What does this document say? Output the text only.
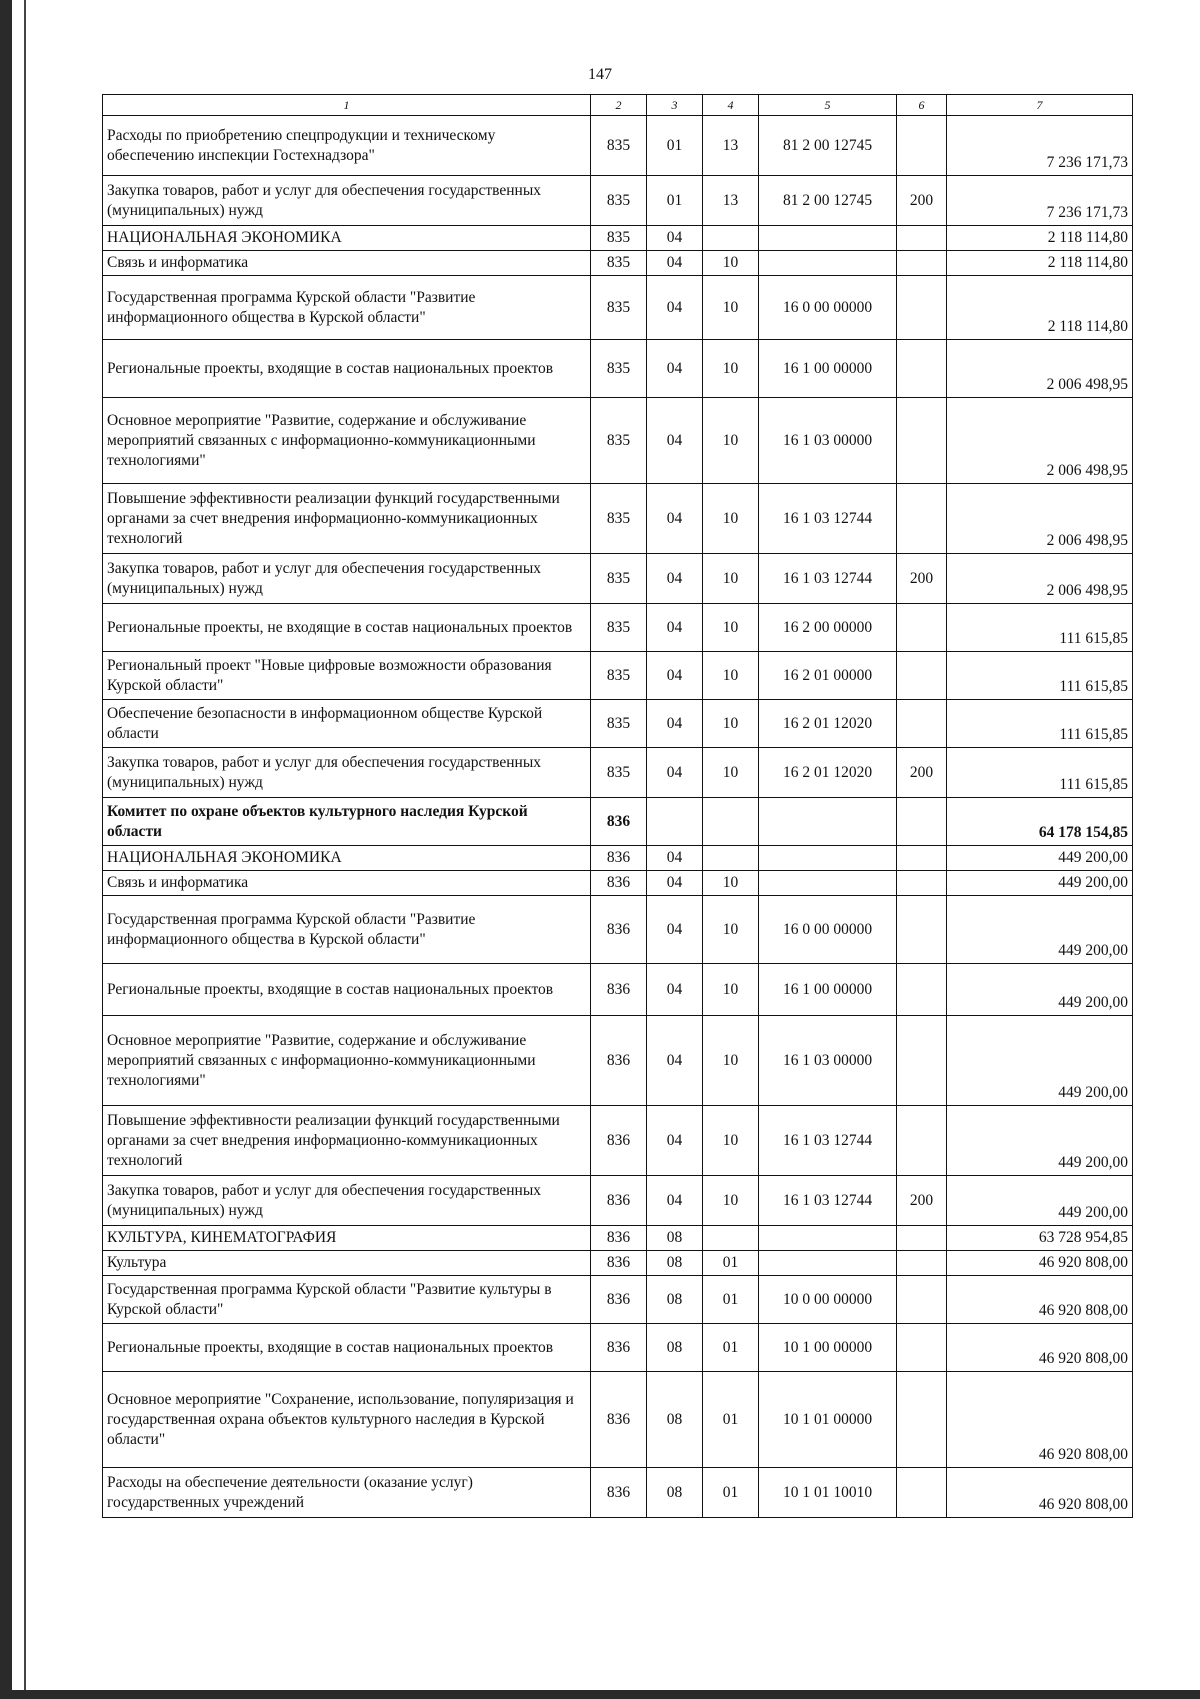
147
1	2	3	4	5	6	7
Расходы по приобретению спецпродукции и техническому обеспечению инспекции Гостехнадзора"	835	01	13	81 2 00 12745		7 236 171,73
Закупка товаров, работ и услуг для обеспечения государственных (муниципальных) нужд	835	01	13	81 2 00 12745	200	7 236 171,73
НАЦИОНАЛЬНАЯ ЭКОНОМИКА	835	04				2 118 114,80
Связь и информатика	835	04	10			2 118 114,80
Государственная программа Курской области "Развитие информационного общества в Курской области"	835	04	10	16 0 00 00000		2 118 114,80
Региональные проекты, входящие в состав национальных проектов	835	04	10	16 1 00 00000		2 006 498,95
Основное мероприятие "Развитие, содержание и обслуживание мероприятий связанных с информационно-коммуникационными технологиями"	835	04	10	16 1 03 00000		2 006 498,95
Повышение эффективности реализации функций государственными органами за счет внедрения информационно-коммуникационных технологий	835	04	10	16 1 03 12744		2 006 498,95
Закупка товаров, работ и услуг для обеспечения государственных (муниципальных) нужд	835	04	10	16 1 03 12744	200	2 006 498,95
Региональные проекты, не входящие в состав национальных проектов	835	04	10	16 2 00 00000		111 615,85
Региональный проект "Новые цифровые возможности образования Курской области"	835	04	10	16 2 01 00000		111 615,85
Обеспечение безопасности в информационном обществе Курской области	835	04	10	16 2 01 12020		111 615,85
Закупка товаров, работ и услуг для обеспечения государственных (муниципальных) нужд	835	04	10	16 2 01 12020	200	111 615,85
Комитет по охране объектов культурного наследия Курской области	836					64 178 154,85
НАЦИОНАЛЬНАЯ ЭКОНОМИКА	836	04				449 200,00
Связь и информатика	836	04	10			449 200,00
Государственная программа Курской области "Развитие информационного общества в Курской области"	836	04	10	16 0 00 00000		449 200,00
Региональные проекты, входящие в состав национальных проектов	836	04	10	16 1 00 00000		449 200,00
Основное мероприятие "Развитие, содержание и обслуживание мероприятий связанных с информационно-коммуникационными технологиями"	836	04	10	16 1 03 00000		449 200,00
Повышение эффективности реализации функций государственными органами за счет внедрения информационно-коммуникационных технологий	836	04	10	16 1 03 12744		449 200,00
Закупка товаров, работ и услуг для обеспечения государственных (муниципальных) нужд	836	04	10	16 1 03 12744	200	449 200,00
КУЛЬТУРА, КИНЕМАТОГРАФИЯ	836	08				63 728 954,85
Культура	836	08	01			46 920 808,00
Государственная программа Курской области "Развитие культуры в Курской области"	836	08	01	10 0 00 00000		46 920 808,00
Региональные проекты, входящие в состав национальных проектов	836	08	01	10 1 00 00000		46 920 808,00
Основное мероприятие "Сохранение, использование, популяризация и государственная охрана объектов культурного наследия в Курской области"	836	08	01	10 1 01 00000		46 920 808,00
Расходы на обеспечение деятельности (оказание услуг) государственных учреждений	836	08	01	10 1 01 10010		46 920 808,00
